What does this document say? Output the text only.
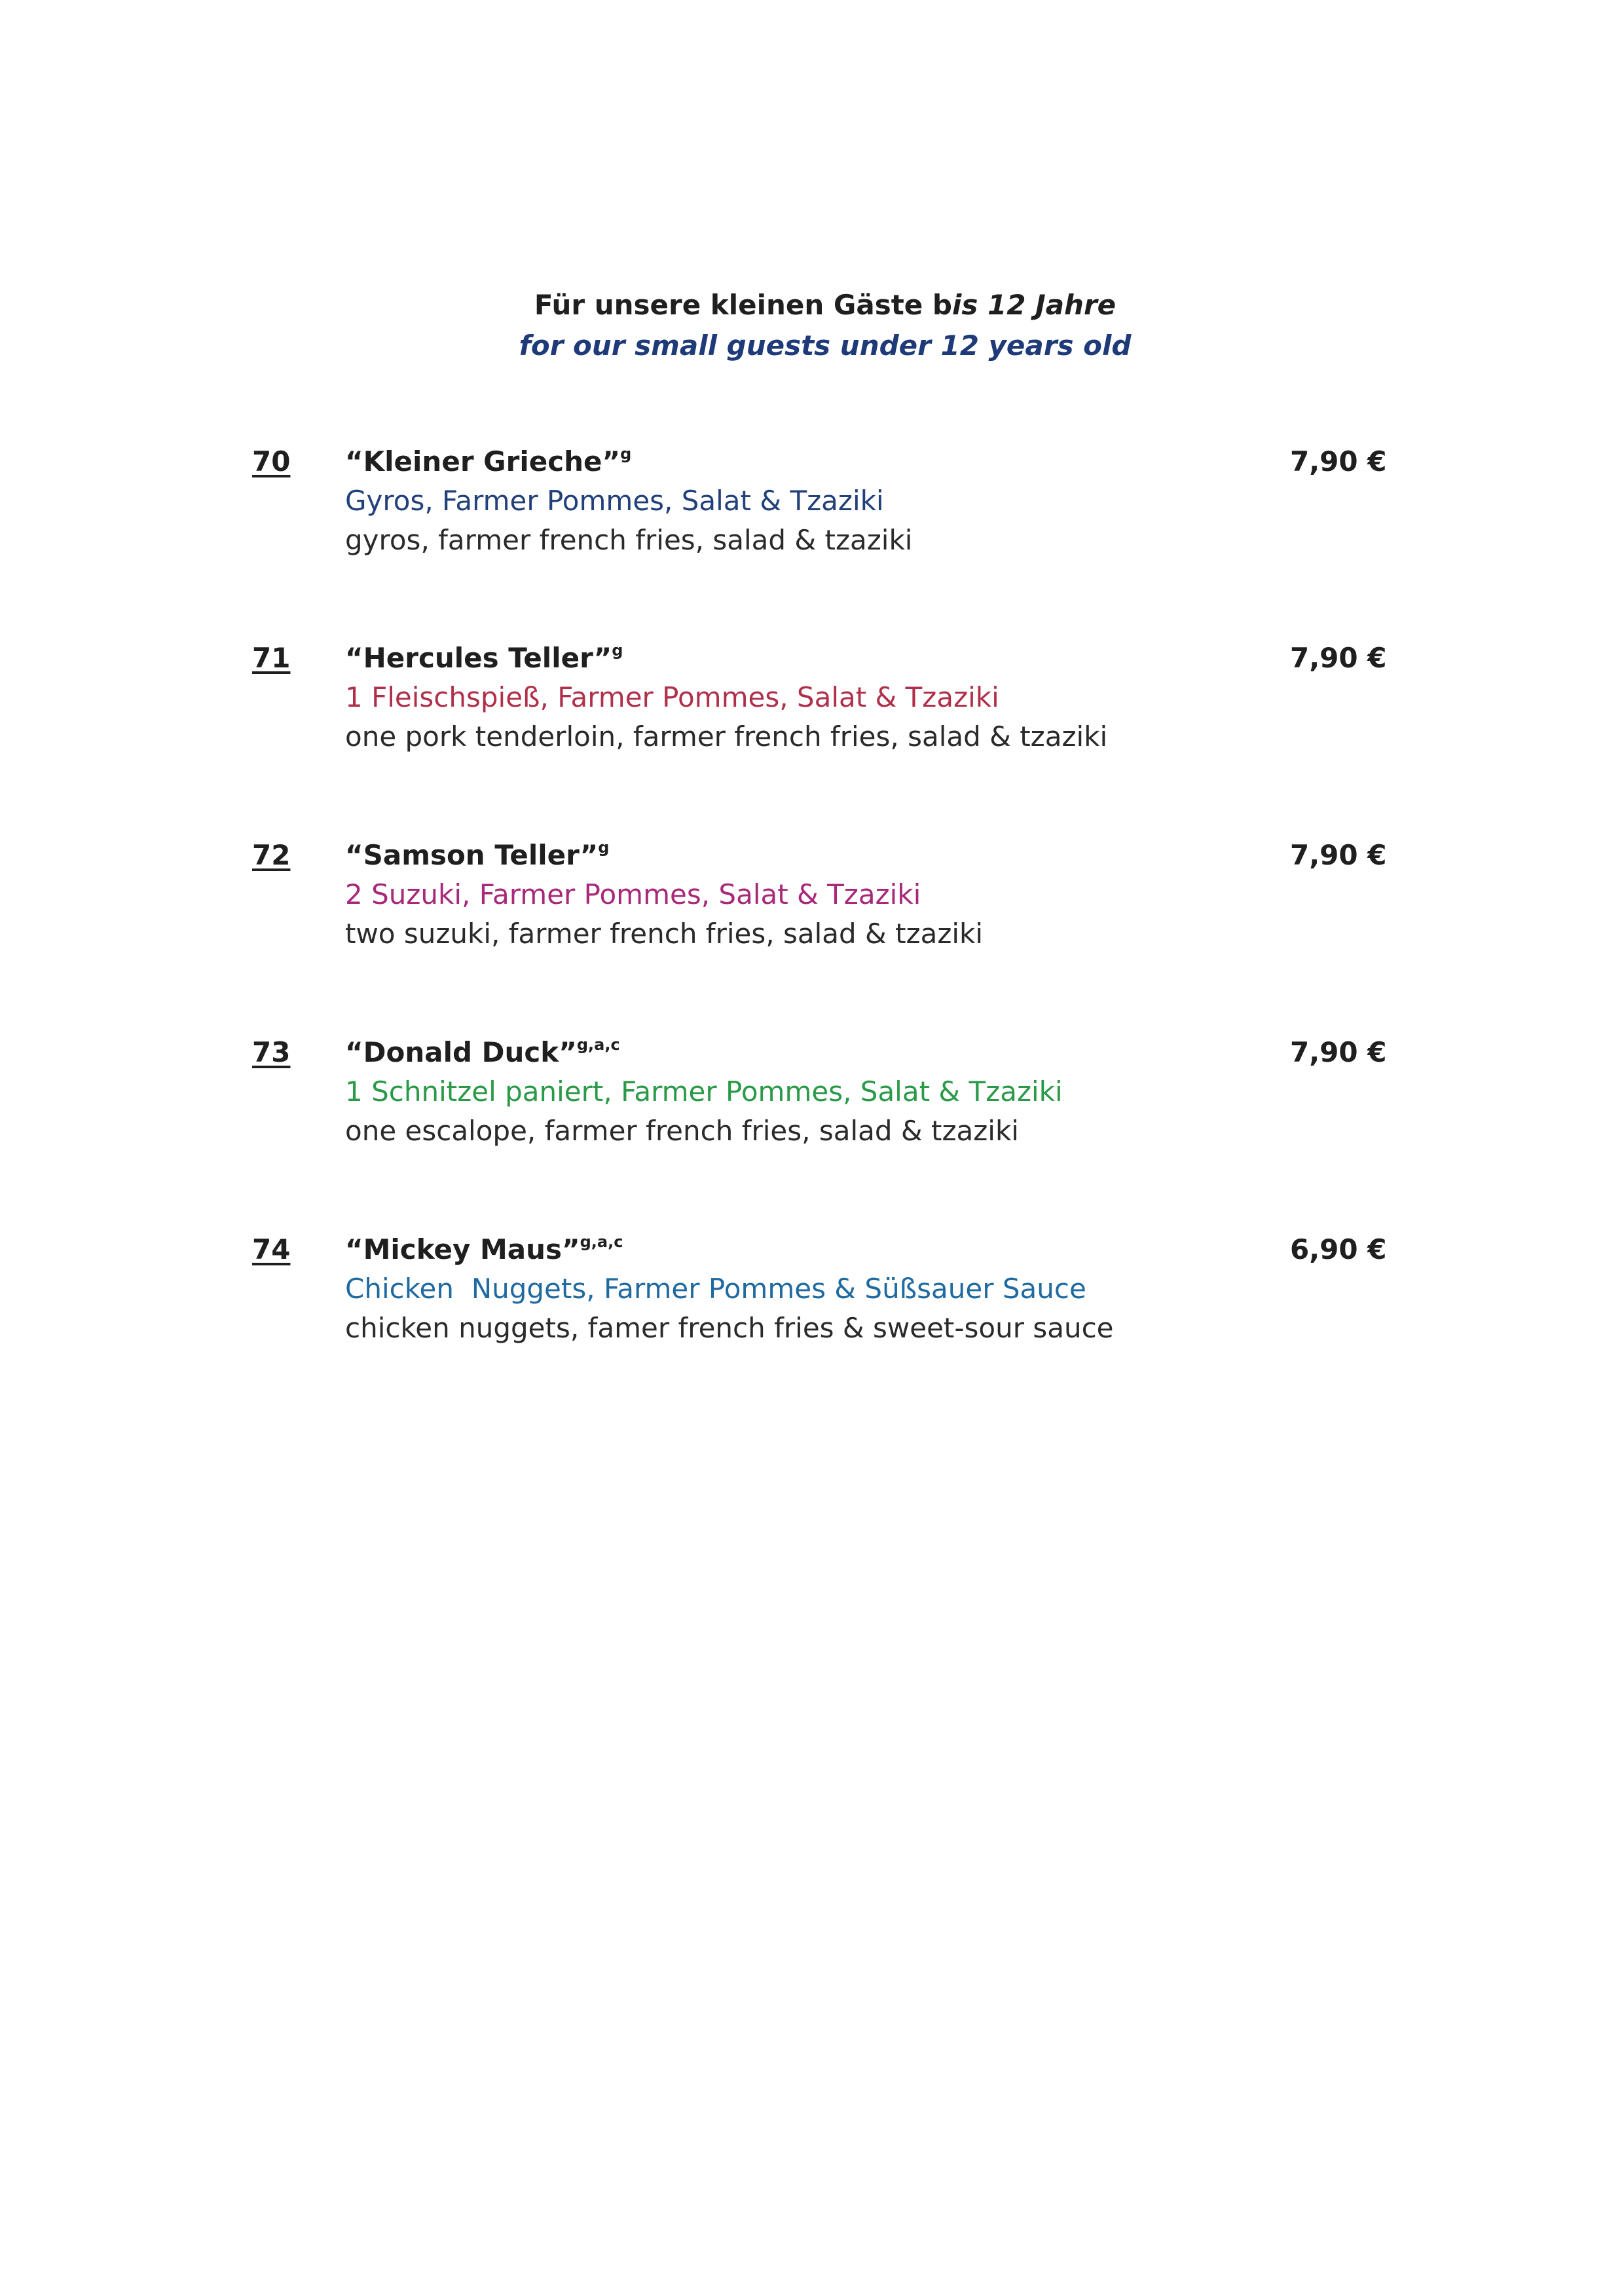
Für unsere kleinen Gäste bis 12 Jahre
for our small guests under 12 years old
70 “Kleiner Grieche”$^g$	7,90 €
Gyros, Farmer Pommes, Salat & Tzaziki
gyros, farmer french fries, salad & tzaziki
71 “Hercules Teller”$^g$	7,90 €
1 Fleischspieß, Farmer Pommes, Salat & Tzaziki
one pork tenderloin, farmer french fries, salad & tzaziki
72 “Samson Teller”$^g$	7,90 €
2 Suzuki, Farmer Pommes, Salat & Tzaziki
two suzuki, farmer french fries, salad & tzaziki
73 “Donald Duck”$^{g,a,c}$	7,90 €
1 Schnitzel paniert, Farmer Pommes, Salat & Tzaziki
one escalope, farmer french fries, salad & tzaziki
74 “Mickey Maus”$^{g,a,c}$	6,90 €
Chicken  Nuggets, Farmer Pommes & Süßsauer Sauce
chicken nuggets, famer french fries & sweet-sour sauce
